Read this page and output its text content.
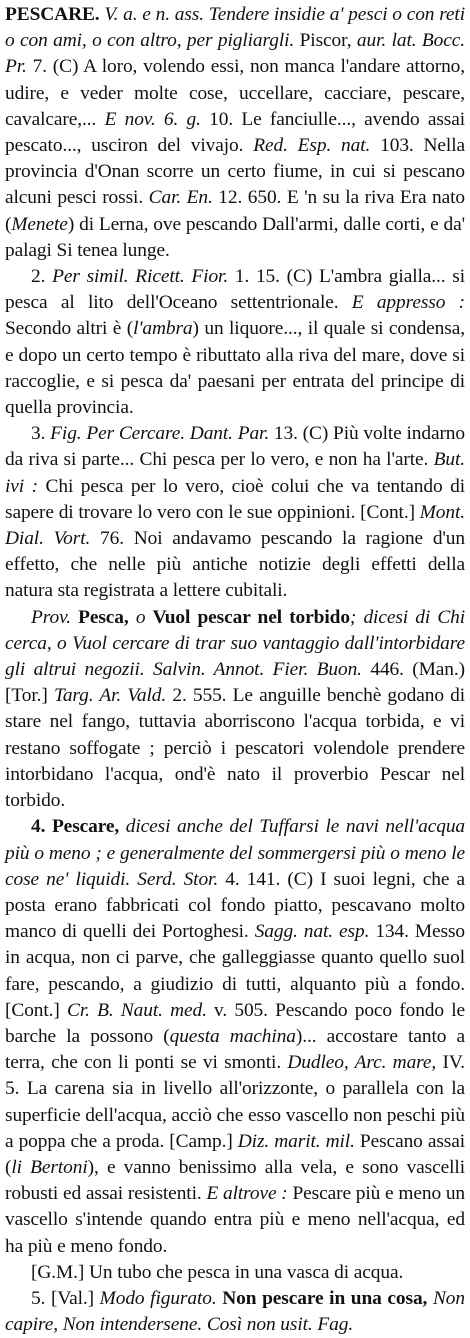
PESCARE. V. a. e n. ass. Tendere insidie a' pesci o con reti o con ami, o con altro, per pigliargli. Piscor, aur. lat. Bocc. Pr. 7. (C) A loro, volendo essi, non manca l'andare attorno, udire, e veder molte cose, uccellare, cacciare, pescare, cavalcare,... E nov. 6. g. 10. Le fanciulle..., avendo assai pescato..., usciron del vivajo. Red. Esp. nat. 103. Nella provincia d'Onan scorre un certo fiume, in cui si pescano alcuni pesci rossi. Car. En. 12. 650. E 'n su la riva Era nato (Menete) di Lerna, ove pescando Dall'armi, dalle corti, e da' palagi Si tenea lunge.

2. Per simil. Ricett. Fior. 1. 15. (C) L'ambra gialla... si pesca al lito dell'Oceano settentrionale. E appresso : Secondo altri è (l'ambra) un liquore..., il quale si condensa, e dopo un certo tempo è ributtato alla riva del mare, dove si raccoglie, e si pesca da' paesani per entrata del principe di quella provincia.

3. Fig. Per Cercare. Dant. Par. 13. (C) Più volte indarno da riva si parte... Chi pesca per lo vero, e non ha l'arte. But. ivi : Chi pesca per lo vero, cioè colui che va tentando di sapere di trovare lo vero con le sue oppinioni. [Cont.] Mont. Dial. Vort. 76. Noi andavamo pescando la ragione d'un effetto, che nelle più antiche notizie degli effetti della natura sta registrata a lettere cubitali.

Prov. Pesca, o Vuol pescar nel torbido; dicesi di Chi cerca, o Vuol cercare di trar suo vantaggio dall'intorbidare gli altrui negozii. Salvin. Annot. Fier. Buon. 446. (Man.) [Tor.] Targ. Ar. Vald. 2. 555. Le anguille benchè godano di stare nel fango, tuttavia aborriscono l'acqua torbida, e vi restano soffogate ; perciò i pescatori volendole prendere intorbidano l'acqua, ond'è nato il proverbio Pescar nel torbido.

4. Pescare, dicesi anche del Tuffarsi le navi nell'acqua più o meno ; e generalmente del sommergersi più o meno le cose ne' liquidi. Serd. Stor. 4. 141. (C) I suoi legni, che a posta erano fabbricati col fondo piatto, pescavano molto manco di quelli dei Portoghesi. Sagg. nat. esp. 134. Messo in acqua, non ci parve, che galleggiasse quanto quello suol fare, pescando, a giudizio di tutti, alquanto più a fondo. [Cont.] Cr. B. Naut. med. v. 505. Pescando poco fondo le barche la possono (questa machina)... accostare tanto a terra, che con li ponti se vi smonti. Dudleo, Arc. mare, IV. 5. La carena sia in livello all'orizzonte, o parallela con la superficie dell'acqua, acciò che esso vascello non peschi più a poppa che a proda. [Camp.] Diz. marit. mil. Pescano assai (li Bertoni), e vanno benissimo alla vela, e sono vascelli robusti ed assai resistenti. E altrove : Pescare più e meno un vascello s'intende quando entra più e meno nell'acqua, ed ha più e meno fondo.

[G.M.] Un tubo che pesca in una vasca di acqua.

5. [Val.] Modo figurato. Non pescare in una cosa, Non capire, Non intendersene. Così non usit. Fag.
